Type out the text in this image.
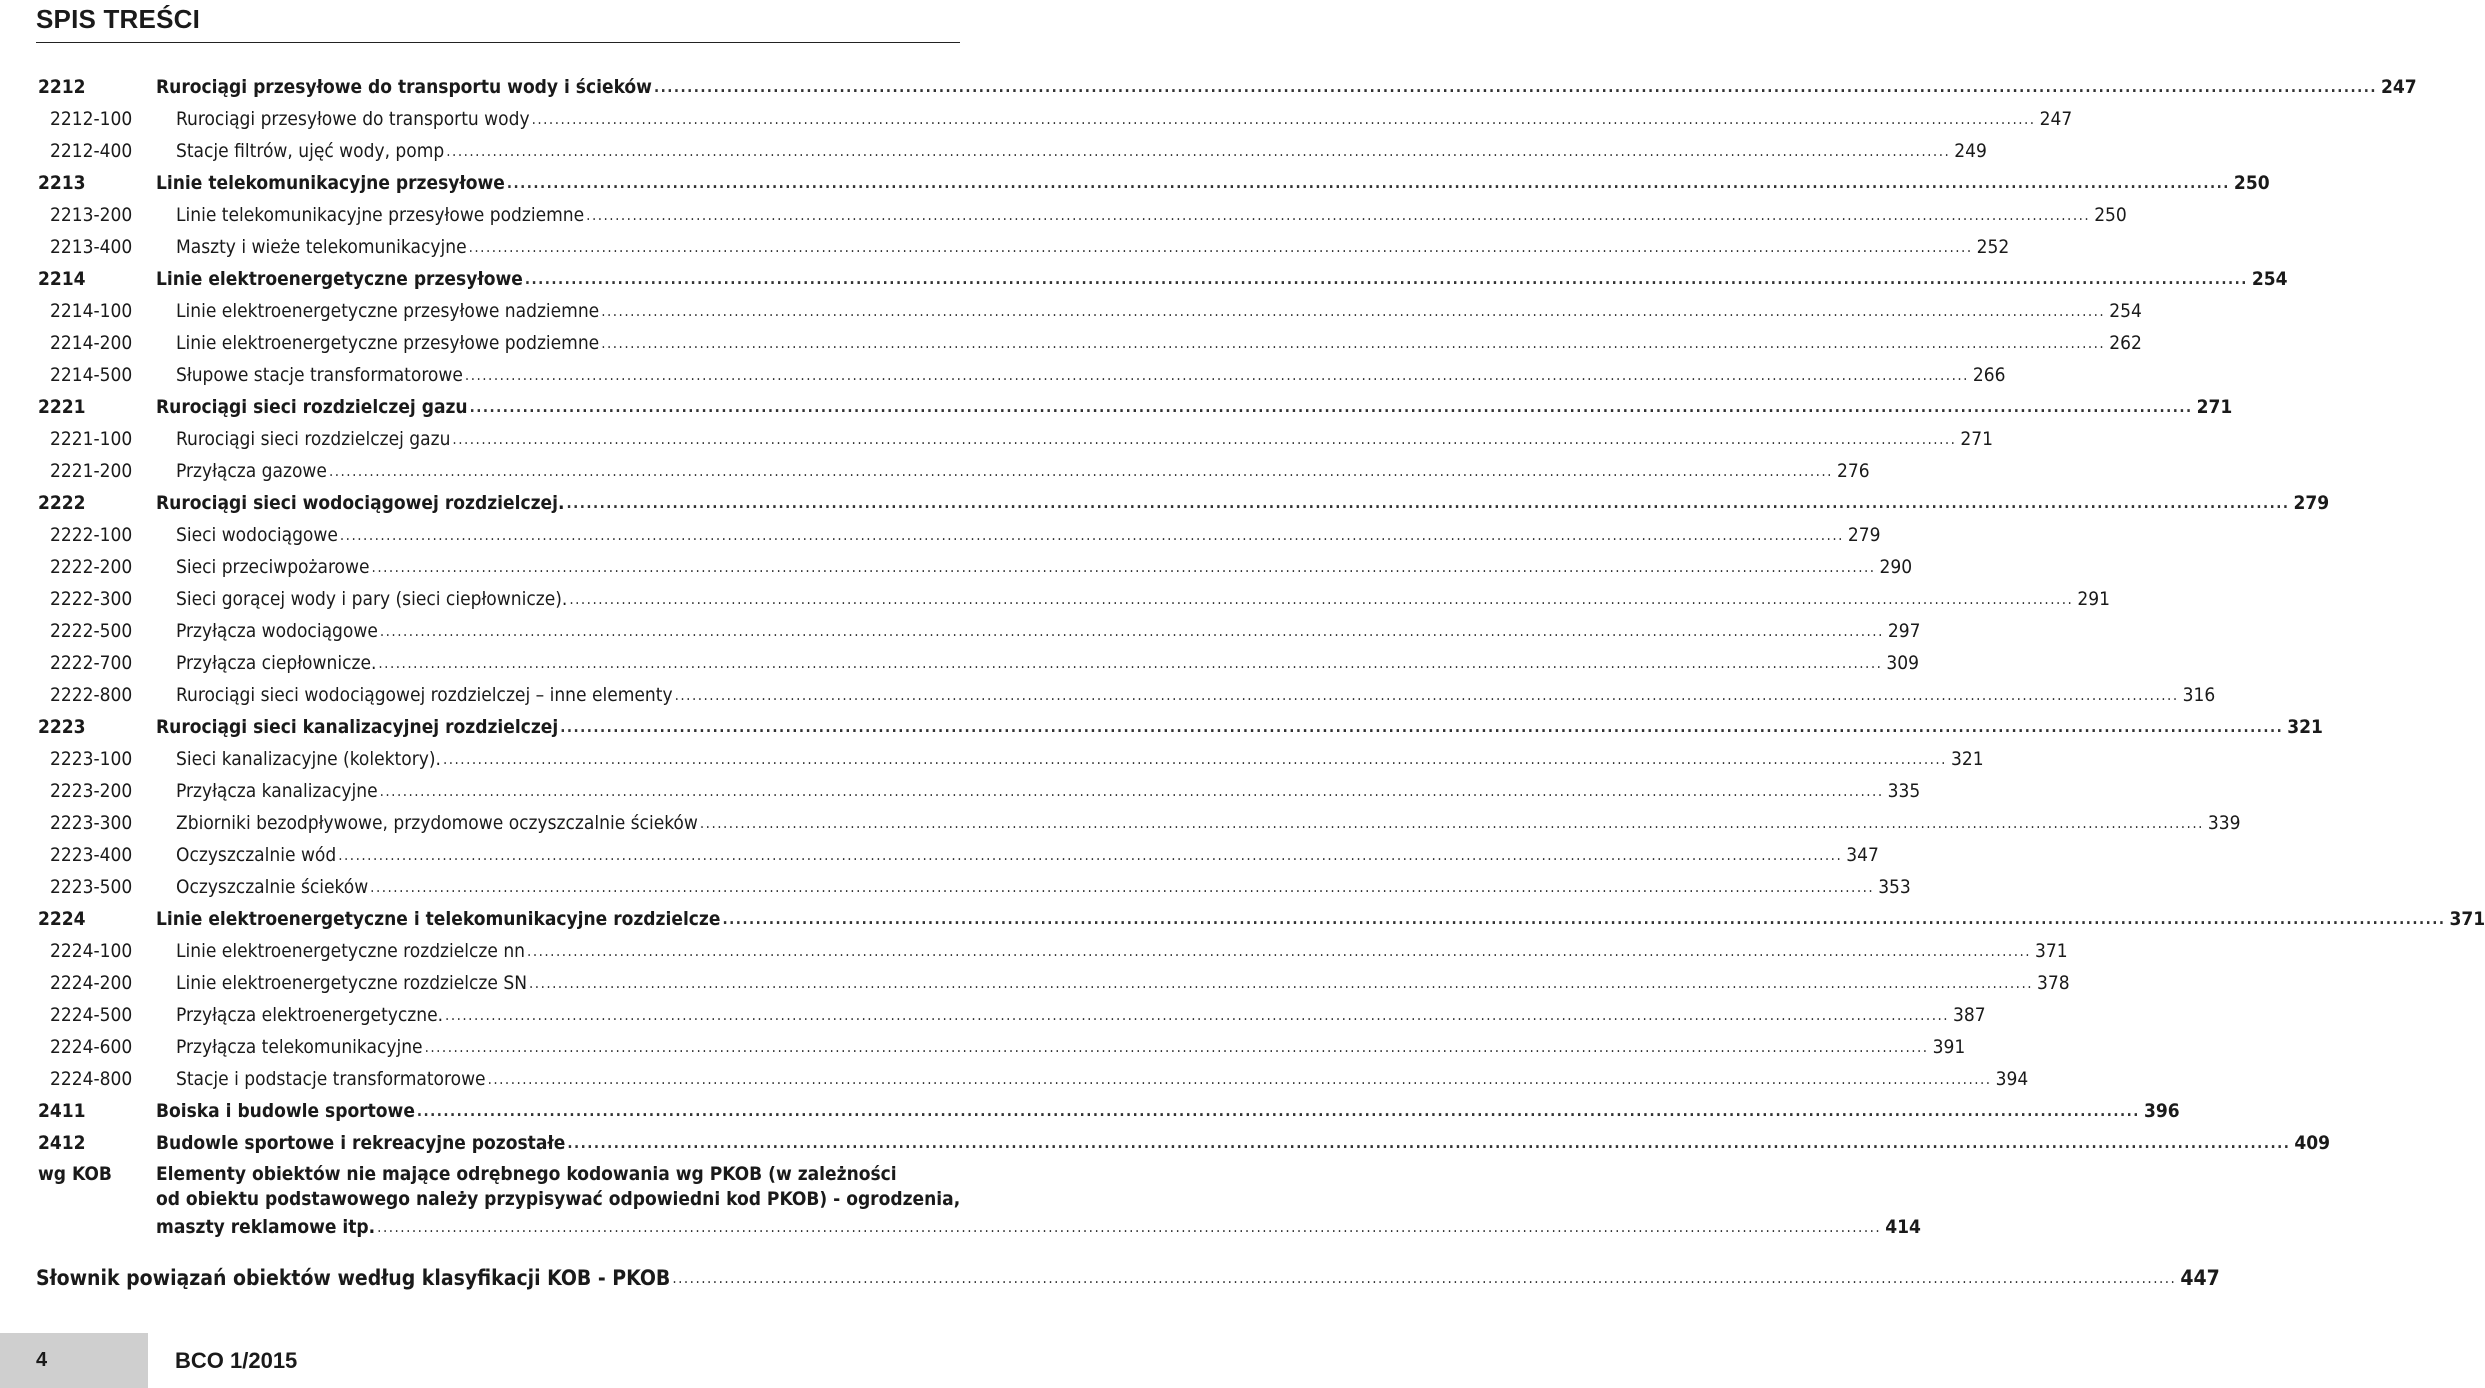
SPIS TREŚCI
2212	Rurociągi przesyłowe do transportu wody i ścieków .................................................................................................................................................................................................................................................................... 247
2212-100 Rurociągi przesyłowe do transportu wody .................................................................................................................................................................................................................................................................... 247
2212-400 Stacje filtrów, ujęć wody, pomp .................................................................................................................................................................................................................................................................... 249
2213	Linie telekomunikacyjne przesyłowe .................................................................................................................................................................................................................................................................... 250
2213-200 Linie telekomunikacyjne przesyłowe podziemne .................................................................................................................................................................................................................................................................... 250
2213-400 Maszty i wieże telekomunikacyjne .................................................................................................................................................................................................................................................................... 252
2214	Linie elektroenergetyczne przesyłowe .................................................................................................................................................................................................................................................................... 254
2214-100 Linie elektroenergetyczne przesyłowe nadziemne .................................................................................................................................................................................................................................................................... 254
2214-200 Linie elektroenergetyczne przesyłowe podziemne .................................................................................................................................................................................................................................................................... 262
2214-500 Słupowe stacje transformatorowe .................................................................................................................................................................................................................................................................... 266
2221	Rurociągi sieci rozdzielczej gazu .................................................................................................................................................................................................................................................................... 271
2221-100 Rurociągi sieci rozdzielczej gazu .................................................................................................................................................................................................................................................................... 271
2221-200 Przyłącza gazowe .................................................................................................................................................................................................................................................................... 276
2222	Rurociągi sieci wodociągowej rozdzielczej. .................................................................................................................................................................................................................................................................... 279
2222-100 Sieci wodociągowe .................................................................................................................................................................................................................................................................... 279
2222-200 Sieci przeciwpożarowe .................................................................................................................................................................................................................................................................... 290
2222-300 Sieci gorącej wody i pary (sieci ciepłownicze). .................................................................................................................................................................................................................................................................... 291
2222-500 Przyłącza wodociągowe .................................................................................................................................................................................................................................................................... 297
2222-700 Przyłącza ciepłownicze. .................................................................................................................................................................................................................................................................... 309
2222-800 Rurociągi sieci wodociągowej rozdzielczej – inne elementy .................................................................................................................................................................................................................................................................... 316
2223	Rurociągi sieci kanalizacyjnej rozdzielczej .................................................................................................................................................................................................................................................................... 321
2223-100 Sieci kanalizacyjne (kolektory). .................................................................................................................................................................................................................................................................... 321
2223-200 Przyłącza kanalizacyjne .................................................................................................................................................................................................................................................................... 335
2223-300 Zbiorniki bezodpływowe, przydomowe oczyszczalnie ścieków .................................................................................................................................................................................................................................................................... 339
2223-400 Oczyszczalnie wód .................................................................................................................................................................................................................................................................... 347
2223-500 Oczyszczalnie ścieków .................................................................................................................................................................................................................................................................... 353
2224	Linie elektroenergetyczne i telekomunikacyjne rozdzielcze .................................................................................................................................................................................................................................................................... 371
2224-100 Linie elektroenergetyczne rozdzielcze nn .................................................................................................................................................................................................................................................................... 371
2224-200 Linie elektroenergetyczne rozdzielcze SN .................................................................................................................................................................................................................................................................... 378
2224-500 Przyłącza elektroenergetyczne. .................................................................................................................................................................................................................................................................... 387
2224-600 Przyłącza telekomunikacyjne .................................................................................................................................................................................................................................................................... 391
2224-800 Stacje i podstacje transformatorowe .................................................................................................................................................................................................................................................................... 394
2411	Boiska i budowle sportowe .................................................................................................................................................................................................................................................................... 396
2412	Budowle sportowe i rekreacyjne pozostałe .................................................................................................................................................................................................................................................................... 409
wg KOB Elementy obiektów nie mające odrębnego kodowania wg PKOB (w zależności
od obiektu podstawowego należy przypisywać odpowiedni kod PKOB) - ogrodzenia,
maszty reklamowe itp. .................................................................................................................................................................................................................................................................... 414
Słownik powiązań obiektów według klasyfikacji KOB - PKOB .................................................................................................................................................................................................................................................................... 447
4	BCO 1/2015
